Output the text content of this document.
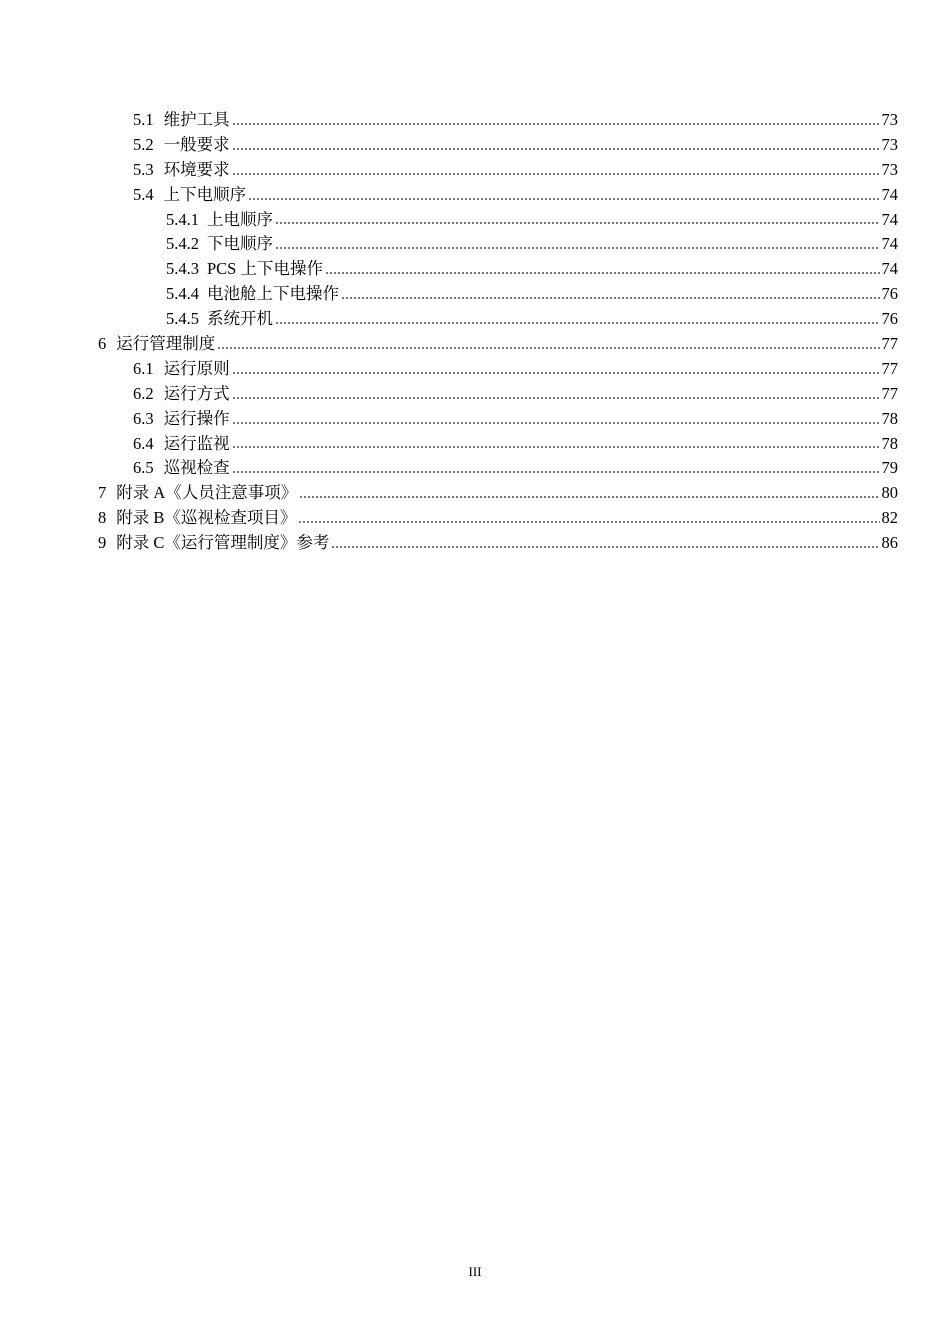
5.1 维护工具	73
5.2 一般要求	73
5.3 环境要求	73
5.4 上下电顺序	74
5.4.1 上电顺序	74
5.4.2 下电顺序	74
5.4.3 PCS 上下电操作	74
5.4.4 电池舱上下电操作	76
5.4.5 系统开机	76
6 运行管理制度	77
6.1 运行原则	77
6.2 运行方式	77
6.3 运行操作	78
6.4 运行监视	78
6.5 巡视检查	79
7 附录 A《人员注意事项》	80
8 附录 B《巡视检查项目》	82
9 附录 C《运行管理制度》参考	86
III
